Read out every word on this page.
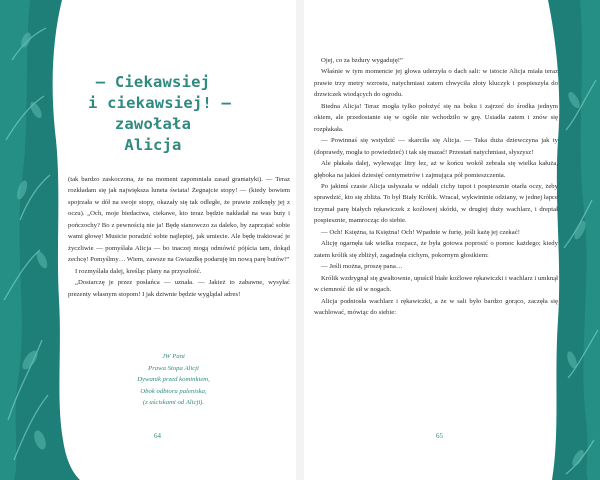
– Ciekawsiej
i ciekawsiej! –
zawołała
Alicja

(tak bardzo zaskoczona, że na moment zapomniała zasad gramatyki). — Teraz rozkładam się jak największa luneta świata! Żegnajcie stopy! — (kiedy bowiem spojrzała w dół na swoje stopy, okazały się tak odległe, że prawie zniknęły jej z oczu). „Och, moje biedactwa, ciekawe, kto teraz będzie nakładał na was buty i pończochy? Bo z pewnością nie ja! Będę stanowczo za daleko, by zaprzątać sobie wami głowę! Musicie poradzić sobie najlepiej, jak umiecie. Ale będę traktować je życzliwie — pomyślała Alicja — bo inaczej mogą odmówić pójścia tam, dokąd zechcę! Pomyślmy… Wiem, zawsze na Gwiazdkę podaruję im nową parę butów!”

I rozmyślała dalej, kreśląc plany na przyszłość.

„Dostarczę je przez posłańca — uznała. — Jakież to zabawne, wysyłać prezenty własnym stopom! I jak dziwnie będzie wyglądał adres!

JW Pani
Prawa Stopa Alicji
Dywanik przed kominkiem,
Obok odbioru paleniska,
(z uściskami od Alicji).
64

Ojej, co za bzdury wygaduję!”

Właśnie w tym momencie jej głowa uderzyła o dach sali: w istocie Alicja miała teraz prawie trzy metry wzrostu, natychmiast zatem chwyciła złoty kluczyk i pospieszyła do drzwiczek wiodących do ogrodu.

Biedna Alicja! Teraz mogła tylko położyć się na boku i zajrzeć do środka jednym okiem, ale przedostanie się w ogóle nie wchodziło w grę. Usiadła zatem i znów się rozpłakała.

— Powinnaś się wstydzić — skarciła się Alicja. — Taka duża dziewczyna jak ty (doprawdy, mogła to powiedzieć) i tak się mazać! Przestań natychmiast, słyszysz!

Ale płakała dalej, wylewając litry łez, aż w końcu wokół zebrała się wielka kałuża, głęboka na jakieś dziesięć centymetrów i zajmująca pół pomieszczenia.

Po jakimś czasie Alicja usłyszała w oddali cichy tupot i pospiesznie otarła oczy, żeby sprawdzić, kto się zbliża. To był Biały Królik. Wracał, wykwintnie odziany, w jednej łapce trzymał parę białych rękawiczek z koźlowej skórki, w drugiej duży wachlarz, i dreptał pospiesznie, mamrocząc do siebie.

— Och! Księżna, ta Księżna! Och! Wpadnie w furię, jeśli każę jej czekać!

Alicję ogarnęła tak wielka rozpacz, że była gotowa poprosić o pomoc każdego; kiedy zatem królik się zbliżył, zagadnęła cichym, pokornym głosikiem:

— Jeśli można, proszę pana…

Królik wzdrygnął się gwałtownie, upuścił białe koźlowe rękawiczki i wachlarz i umknął w ciemność ile sił w nogach.

Alicja podniosła wachlarz i rękawiczki, a że w sali było bardzo gorąco, zaczęła się wachlować, mówiąc do siebie:

65
